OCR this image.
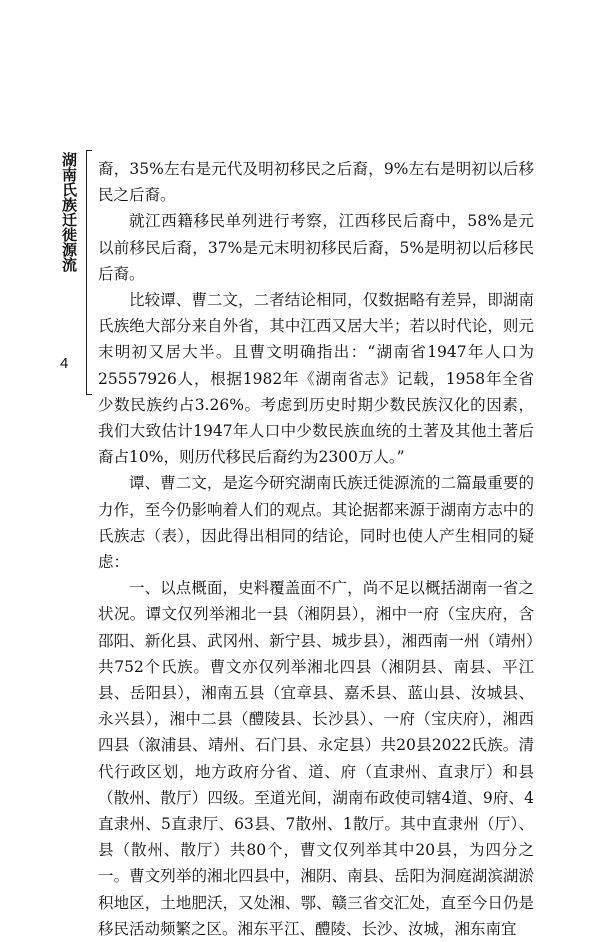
湖南氏族迁徙源流
4

裔，35%左右是元代及明初移民之后裔，9%左右是明初以后移民之后裔。

就江西籍移民单列进行考察，江西移民后裔中，58%是元以前移民后裔，37%是元末明初移民后裔，5%是明初以后移民后裔。

比较谭、曹二文，二者结论相同，仅数据略有差异，即湖南氏族绝大部分来自外省，其中江西又居大半；若以时代论，则元末明初又居大半。且曹文明确指出：“湖南省1947年人口为25557926人，根据1982年《湖南省志》记载，1958年全省少数民族约占3.26%。考虑到历史时期少数民族汉化的因素，我们大致估计1947年人口中少数民族血统的土著及其他土著后裔占10%，则历代移民后裔约为2300万人。”

谭、曹二文，是迄今研究湖南氏族迁徙源流的二篇最重要的力作，至今仍影响着人们的观点。其论据都来源于湖南方志中的氏族志（表），因此得出相同的结论，同时也使人产生相同的疑虑：

一、以点概面，史料覆盖面不广，尚不足以概括湖南一省之状况。谭文仅列举湘北一县（湘阴县），湘中一府（宝庆府，含邵阳、新化县、武冈州、新宁县、城步县），湘西南一州（靖州）共752个氏族。曹文亦仅列举湘北四县（湘阴县、南县、平江县、岳阳县），湘南五县（宜章县、嘉禾县、蓝山县、汝城县、永兴县），湘中二县（醴陵县、长沙县）、一府（宝庆府），湘西四县（溆浦县、靖州、石门县、永定县）共20县2022氏族。清代行政区划，地方政府分省、道、府（直隶州、直隶厅）和县（散州、散厅）四级。至道光间，湖南布政使司辖4道、9府、4直隶州、5直隶厅、63县、7散州、1散厅。其中直隶州（厅）、县（散州、散厅）共80个，曹文仅列举其中20县，为四分之一。曹文列举的湘北四县中，湘阴、南县、岳阳为洞庭湖滨湖淤积地区，土地肥沃，又处湘、鄂、赣三省交汇处，直至今日仍是移民活动频繁之区。湘东平江、醴陵、长沙、汝城，湘东南宜
